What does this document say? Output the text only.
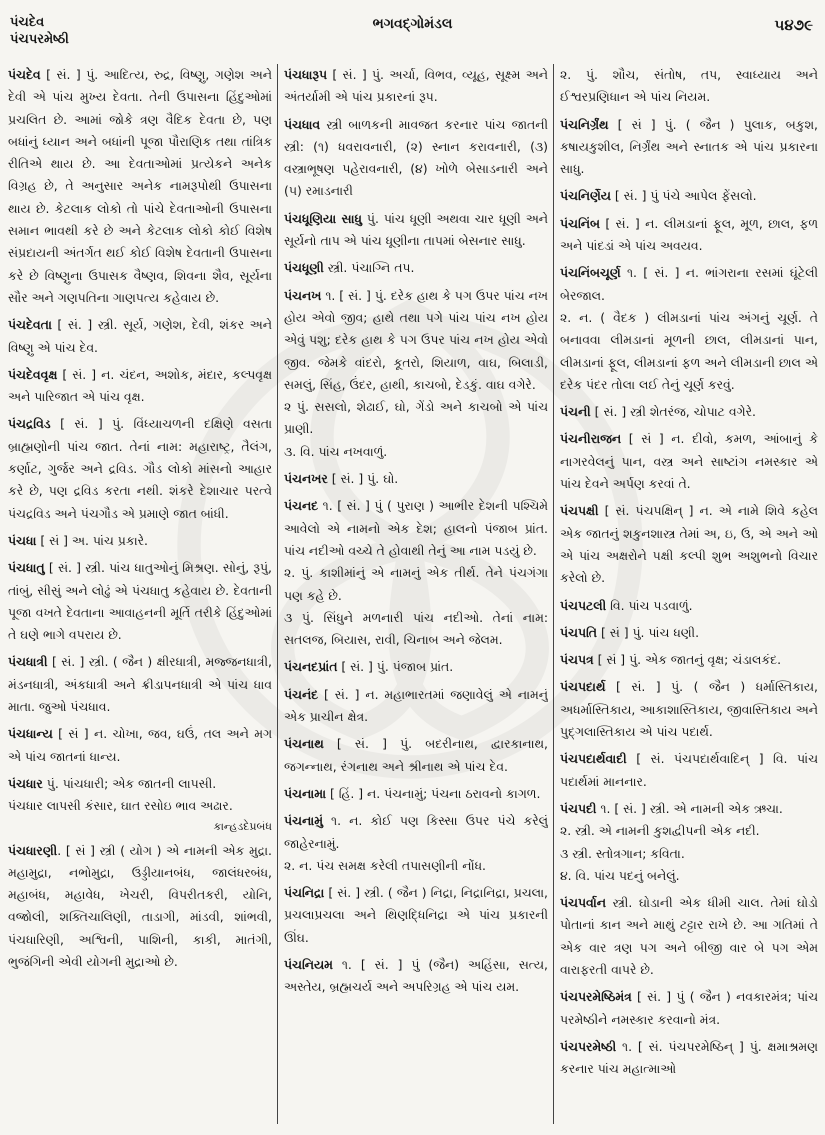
પંચદેવ
પંચપરમેષ્ઠી
ભગવદ્ગોમંડલ	૫૪૭૯
પંચદેવ [ સં. ] પું. આદિત્ય, રુદ્ર, વિષ્ણુ, ગણેશ અને દેવી એ પાંચ મુખ્ય દેવતા. તેની ઉપાસના હિંદુઓમાં પ્રચલિત છે. આમાં જોકે ત્રણ વૈદિક દેવતા છે, પણ બધાંનું ધ્યાન અને બધાંની પૂજા પૌરાણિક તથા તાંત્રિક રીતિએ થાય છે. આ દેવતાઓમાં પ્રત્યેકને અનેક વિગ્રહ છે, તે અનુસાર અનેક નામરૂપોથી ઉપાસના થાય છે. કેટલાક લોકો તો પાંચે દેવતાઓની ઉપાસના સમાન ભાવથી કરે છે અને કેટલાક લોકો કોઈ વિશેષ સંપ્રદાયની અંતર્ગત થઈ કોઈ વિશેષ દેવતાની ઉપાસના કરે છે વિષ્ણુના ઉપાસક વૈષ્ણવ, શિવના શૈવ, સૂર્યના સૌર અને ગણપતિના ગાણપત્ય કહેવાય છે.
પંચદેવતા [ સં. ] સ્ત્રી. સૂર્ય, ગણેશ, દેવી, શંકર અને વિષ્ણુ એ પાંચ દેવ.
પંચદેવવૃક્ષ [ સં. ] ન. ચંદન, અશોક, મંદાર, કલ્પવૃક્ષ અને પારિજાત એ પાંચ વૃક્ષ.
પંચદ્રવિડ [ સં. ] પું. વિંધ્યાચળની દક્ષિણે વસતા બ્રાહ્મણોની પાંચ જાત. તેનાં નામ: મહારાષ્ટ્ર, તૈલંગ, કર્ણાટ, ગુર્જર અને દ્રવિડ. ગૌડ લોકો માંસનો આહાર કરે છે, પણ દ્રવિડ કરતા નથી. શંકરે દેશાચાર પરત્વે પંચદ્રવિડ અને પંચગૌડ એ પ્રમાણે જાત બાંધી.
પંચધા [ સં ] અ. પાંચ પ્રકારે.
પંચધાતુ [ સં. ] સ્ત્રી. પાંચ ધાતુઓનું મિશ્રણ. સોનું, રૂપું, તાંબું, સીસું અને લોઢું એ પંચધાતુ કહેવાય છે. દેવતાની પૂજા વખતે દેવતાના આવાહનની મૂર્તિ તરીકે હિંદુઓમાં તે ઘણે ભાગે વપરાય છે.
પંચધાત્રી [ સં. ] સ્ત્રી. ( જૈન ) ક્ષીરધાત્રી, મજ્જનધાત્રી, મંડનધાત્રી, અંકધાત્રી અને ક્રીડાપનધાત્રી એ પાંચ ધાવ માતા. જુઓ પંચધાવ.
પંચધાન્ય [ સં ] ન. ચોખા, જવ, ઘઉં, તલ અને મગ એ પાંચ જાતનાં ધાન્ય.
પંચધાર પું. પાંચધારી; એક જાતની લાપસી.
પંચધાર લાપસી કંસાર, ઘાત રસોઇ ભાવ અઢાર.
કાન્હડદેપ્રબંધ
પંચધારણી. [ સં ] સ્ત્રી ( યોગ ) એ નામની એક મુદ્રા. મહામુદ્રા, નભોમુદ્રા, ઉડ્ડીયાનબંધ, જાલંધરબંધ, મહાબંધ, મહાવેધ, ખેચરી, વિપરીતકરી, યોનિ, વજ્રોલી, શક્તિચાલિણી, તાડાગી, માંડવી, શાંભવી, પંચધારિણી, અશ્વિની, પાશિની, કાકી, માતંગી, ભુજંગિની એવી યોગની મુદ્રાઓ છે.
પંચધારૂપ [ સં. ] પું. અર્ચા, વિભવ, વ્યૂહ, સૂક્ષ્મ અને અંતર્યામી એ પાંચ પ્રકારનાં રૂપ.
પંચધાવ સ્ત્રી બાળકની માવજત કરનાર પાંચ જાતની સ્ત્રી: (૧) ધવરાવનારી, (૨) સ્નાન કરાવનારી, (૩) વસ્ત્રાભૂષણ પહેરાવનારી, (૪) ખોળે બેસાડનારી અને (૫) રમાડનારી
પંચધૂણિયા સાધુ પું. પાંચ ધૂણી અથવા ચાર ધૂણી અને સૂર્યનો તાપ એ પાંચ ધૂણીના તાપમાં બેસનાર સાધુ.
પંચધૂણી સ્ત્રી. પંચાગ્નિ તપ.
પંચનખ ૧. [ સં. ] પું. દરેક હાથ કે પગ ઉપર પાંચ નખ હોય એવો જીવ; હાથે તથા પગે પાંચ પાંચ નખ હોય એવું પશુ; દરેક હાથ કે પગ ઉપર પાંચ નખ હોય એવો જીવ. જેમકે વાંદરો, કૂતરો, શિયાળ, વાઘ, બિલાડી, સમલું, સિંહ, ઉંદર, હાથી, કાચબો, દેડકું. વાઘ વગેરે.
૨ પું. સસલો, શેઢાઈ, ઘો, ગેંડો અને કાચબો એ પાંચ પ્રાણી.
૩. વિ. પાંચ નખવાળું.
પંચનખર [ સં. ] પું. ઘો.
પંચનદ ૧. [ સં. ] પું ( પુરાણ ) આભીર દેશની પશ્ચિમે આવેલો એ નામનો એક દેશ; હાલનો પંજાબ પ્રાંત. પાંચ નદીઓ વચ્ચે તે હોવાથી તેનું આ નામ પડયું છે.
૨. પું. કાશીમાંનું એ નામનું એક તીર્થ. તેને પંચગંગા પણ કહે છે.
૩ પું. સિંધુને મળનારી પાંચ નદીઓ. તેનાં નામ: સતલજ, બિયાસ, રાવી, ચિનાબ અને જેલમ.
પંચનદપ્રાંત [ સં. ] પું. પંજાબ પ્રાંત.
પંચનંદ [ સં. ] ન. મહાભારતમાં જણાવેલું એ નામનું એક પ્રાચીન ક્ષેત્ર.
પંચનાથ [ સં. ] પું. બદરીનાથ, દ્વારકાનાથ, જગન્નાથ, રંગનાથ અને શ્રીનાથ એ પાંચ દેવ.
પંચનામા [ હિં. ] ન. પંચનામું; પંચના ઠરાવનો કાગળ.
પંચનામું ૧. ન. કોઈ પણ કિસ્સા ઉપર પંચે કરેલું જાહેરનામું.
૨. ન. પંચ સમક્ષ કરેલી તપાસણીની નોંધ.
પંચનિદ્રા [ સં. ] સ્ત્રી. ( જૈન ) નિદ્રા, નિદ્રાનિદ્રા, પ્રચલા, પ્રચલાપ્રચલા અને થિણદ્ધિનિદ્રા એ પાંચ પ્રકારની ઊંઘ.
પંચનિયમ ૧. [ સં. ] પું (જૈન) અહિંસા, સત્ય, અસ્તેય, બ્રહ્મચર્ય અને અપરિગ્રહ એ પાંચ યમ.
૨. પું. શૌચ, સંતોષ, તપ, સ્વાધ્યાય અને ઈશ્વરપ્રણિધાન એ પાંચ નિયમ.
પંચનિર્ગ્રંથ [ સં ] પું. ( જૈન ) પુલાક, બકુશ, કષાયકુશીલ, નિર્ગ્રંથ અને સ્નાતક એ પાંચ પ્રકારના સાધુ.
પંચનિર્ણેય [ સં. ] પું પંચે આપેલ ફેંસલો.
પંચનિંબ [ સં. ] ન. લીમડાનાં ફૂલ, મૂળ, છાલ, ફળ અને પાંદડાં એ પાંચ અવયવ.
પંચનિંબચૂર્ણ ૧. [ સં. ] ન. ભાંગરાના રસમાં ઘૂંટેલી બેરજાલ.
૨. ન. ( વૈદક ) લીમડાનાં પાંચ અંગનું ચૂર્ણ. તે બનાવવા લીમડાનાં મૂળની છાલ, લીમડાનાં પાન, લીમડાનાં ફૂલ, લીમડાનાં ફળ અને લીમડાની છાલ એ દરેક પંદર તોલા લઈ તેનું ચૂર્ણ કરવું.
પંચની [ સં. ] સ્ત્રી શેતરંજ, ચોપાટ વગેરે.
પંચનીરાજન [ સં ] ન. દીવો, કમળ, આંબાનું કે નાગરવેલનું પાન, વસ્ત્ર અને સાષ્ટાંગ નમસ્કાર એ પાંચ દેવને અર્પણ કરવાં તે.
પંચપક્ષી [ સં. પંચપક્ષિન્ ] ન. એ નામે શિવે કહેલ એક જાતનું શકુનશાસ્ત્ર તેમાં અ, ઇ, ઉ, એ અને ઓ એ પાંચ અક્ષરોને પક્ષી કલ્પી શુભ અશુભનો વિચાર કરેલો છે.
પંચપટલી વિ. પાંચ પડવાળું.
પંચપતિ [ સં ] પું. પાંચ ધણી.
પંચપત્ર [ સં ] પું. એક જાતનું વૃક્ષ; ચંડાલકંદ.
પંચપદાર્થ [ સં. ] પું. ( જૈન ) ધર્માસ્તિકાય, અધર્માસ્તિકાય, આકાશાસ્તિકાય, જીવાસ્તિકાય અને પુદ્ગલાસ્તિકાય એ પાંચ પદાર્થ.
પંચપદાર્થવાદી [ સં. પંચપદાર્થવાદિન્ ] વિ. પાંચ પદાર્થમાં માનનાર.
પંચપદી ૧. [ સં. ] સ્ત્રી. એ નામની એક ઋચા.
૨. સ્ત્રી. એ નામની કુશદ્વીપની એક નદી.
૩ સ્ત્રી. સ્તોત્રગાન; કવિતા.
૪. વિ. પાંચ પદનું બનેલું.
પંચપર્વાન સ્ત્રી. ઘોડાની એક ધીમી ચાલ. તેમાં ઘોડો પોતાનાં કાન અને માથું ટટ્ટાર રાખે છે. આ ગતિમાં તે એક વાર ત્રણ પગ અને બીજી વાર બે પગ એમ વારાફરતી વાપરે છે.
પંચપરમેષ્ઠિમંત્ર [ સં. ] પું ( જૈન ) નવકારમંત્ર; પાંચ પરમેષ્ઠીને નમસ્કાર કરવાનો મંત્ર.
પંચપરમેષ્ઠી ૧. [ સં. પંચપરમેષ્ઠિન્ ] પું. ક્ષમાશ્રમણ કરનાર પાંચ મહાત્માઓ
